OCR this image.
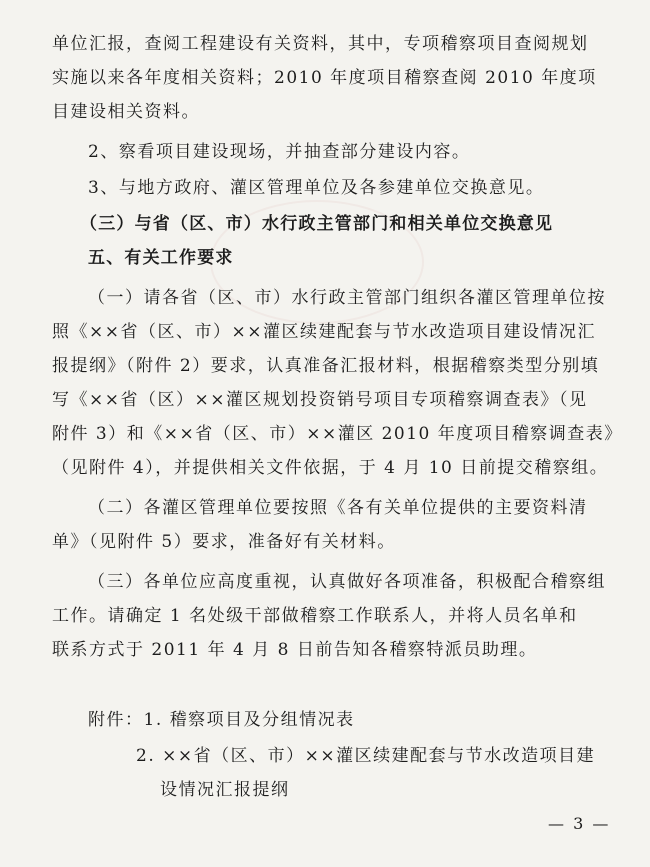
单位汇报，查阅工程建设有关资料，其中，专项稽察项目查阅规划
实施以来各年度相关资料；2010 年度项目稽察查阅 2010 年度项
目建设相关资料。
2、察看项目建设现场，并抽查部分建设内容。
3、与地方政府、灌区管理单位及各参建单位交换意见。
（三）与省（区、市）水行政主管部门和相关单位交换意见
五、有关工作要求
（一）请各省（区、市）水行政主管部门组织各灌区管理单位按
照《××省（区、市）××灌区续建配套与节水改造项目建设情况汇
报提纲》（附件 2）要求，认真准备汇报材料，根据稽察类型分别填
写《××省（区）××灌区规划投资销号项目专项稽察调查表》（见
附件 3）和《××省（区、市）××灌区 2010 年度项目稽察调查表》
（见附件 4），并提供相关文件依据，于 4 月 10 日前提交稽察组。
（二）各灌区管理单位要按照《各有关单位提供的主要资料清
单》（见附件 5）要求，准备好有关材料。
（三）各单位应高度重视，认真做好各项准备，积极配合稽察组
工作。请确定 1 名处级干部做稽察工作联系人，并将人员名单和
联系方式于 2011 年 4 月 8 日前告知各稽察特派员助理。
附件：1. 稽察项目及分组情况表
2. ××省（区、市）××灌区续建配套与节水改造项目建
设情况汇报提纲
— 3 —
